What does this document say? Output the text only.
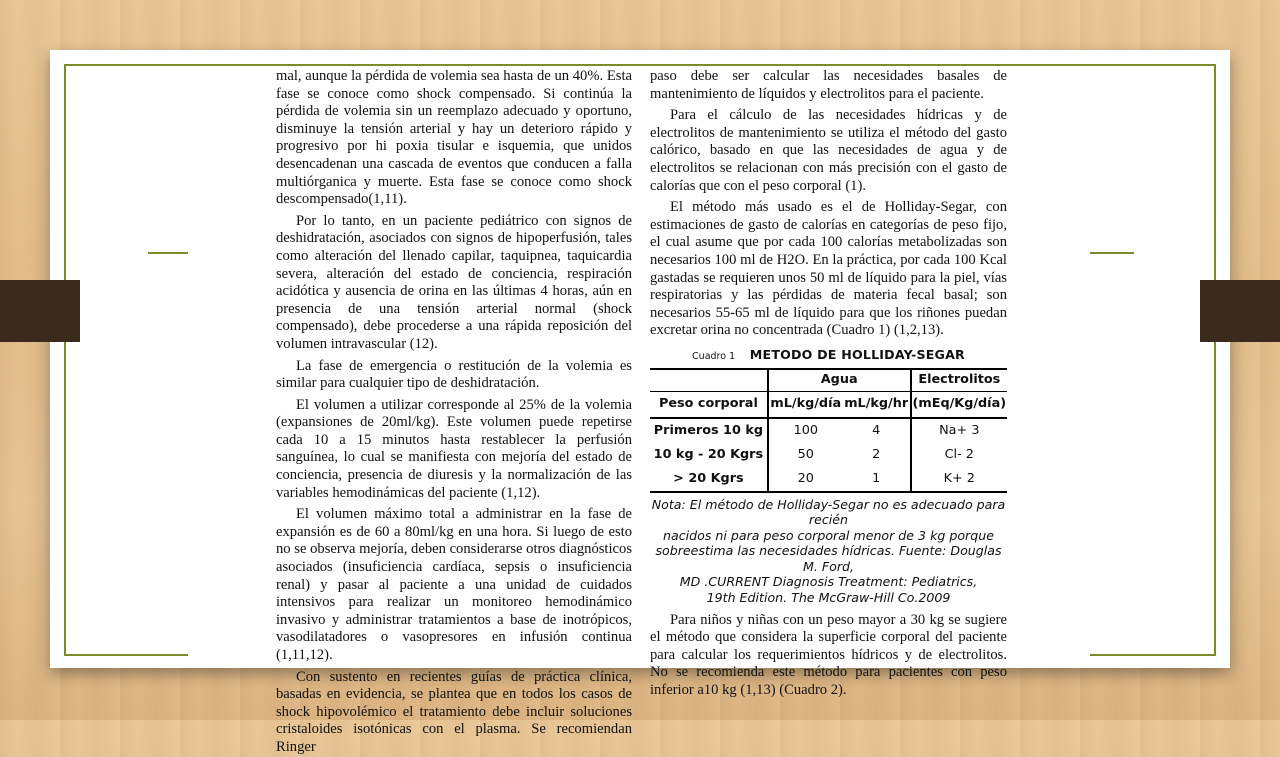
mal, aunque la pérdida de volemia sea hasta de un 40%. Esta fase se conoce como shock compensado. Si continúa la pérdida de volemia sin un reemplazo adecuado y oportuno, disminuye la tensión arterial y hay un deterioro rápido y progresivo por hi poxia tisular e isquemia, que unidos desencadenan una cascada de eventos que conducen a falla multiórganica y muerte. Esta fase se conoce como shock descompensado(1,11).

Por lo tanto, en un paciente pediátrico con signos de deshidratación, asociados con signos de hipoperfusión, tales como alteración del llenado capilar, taquipnea, taquicardia severa, alteración del estado de conciencia, respiración acidótica y ausencia de orina en las últimas 4 horas, aún en presencia de una tensión arterial normal (shock compensado), debe procederse a una rápida reposición del volumen intravascular (12).

La fase de emergencia o restitución de la volemia es similar para cualquier tipo de deshidratación.

El volumen a utilizar corresponde al 25% de la volemia (expansiones de 20ml/kg). Este volumen puede repetirse cada 10 a 15 minutos hasta restablecer la perfusión sanguínea, lo cual se manifiesta con mejoría del estado de conciencia, presencia de diuresis y la normalización de las variables hemodinámicas del paciente (1,12).

El volumen máximo total a administrar en la fase de expansión es de 60 a 80ml/kg en una hora. Si luego de esto no se observa mejoría, deben considerarse otros diagnósticos asociados (insuficiencia cardíaca, sepsis o insuficiencia renal) y pasar al paciente a una unidad de cuidados intensivos para realizar un monitoreo hemodinámico invasivo y administrar tratamientos a base de inotrópicos, vasodilatadores o vasopresores en infusión continua (1,11,12).

Con sustento en recientes guías de práctica clínica, basadas en evidencia, se plantea que en todos los casos de shock hipovolémico el tratamiento debe incluir soluciones cristaloides isotónicas con el plasma. Se recomiendan Ringer

paso debe ser calcular las necesidades basales de mantenimiento de líquidos y electrolitos para el paciente.

Para el cálculo de las necesidades hídricas y de electrolitos de mantenimiento se utiliza el método del gasto calórico, basado en que las necesidades de agua y de electrolitos se relacionan con más precisión con el gasto de calorías que con el peso corporal (1).

El método más usado es el de Holliday-Segar, con estimaciones de gasto de calorías en categorías de peso fijo, el cual asume que por cada 100 calorías metabolizadas son necesarios 100 ml de H2O. En la práctica, por cada 100 Kcal gastadas se requieren unos 50 ml de líquido para la piel, vías respiratorias y las pérdidas de materia fecal basal; son necesarios 55-65 ml de líquido para que los riñones puedan excretar orina no concentrada (Cuadro 1) (1,2,13).

Cuadro 1 METODO DE HOLLIDAY-SEGAR
	Agua		Electrolitos
Peso corporal	mL/kg/día	mL/kg/hr	(mEq/Kg/día)
Primeros 10 kg	100	4	Na+ 3
10 kg - 20 Kgrs	50	2	Cl- 2
> 20 Kgrs	20	1	K+ 2
Nota: El método de Holliday-Segar no es adecuado para recién
nacidos ni para peso corporal menor de 3 kg porque
sobreestima las necesidades hídricas. Fuente: Douglas M. Ford,
MD .CURRENT Diagnosis Treatment: Pediatrics,
19th Edition. The McGraw-Hill Co.2009

Para niños y niñas con un peso mayor a 30 kg se sugiere el método que considera la superficie corporal del paciente para calcular los requerimientos hídricos y de electrolitos. No se recomienda este método para pacientes con peso inferior a10 kg (1,13) (Cuadro 2).
